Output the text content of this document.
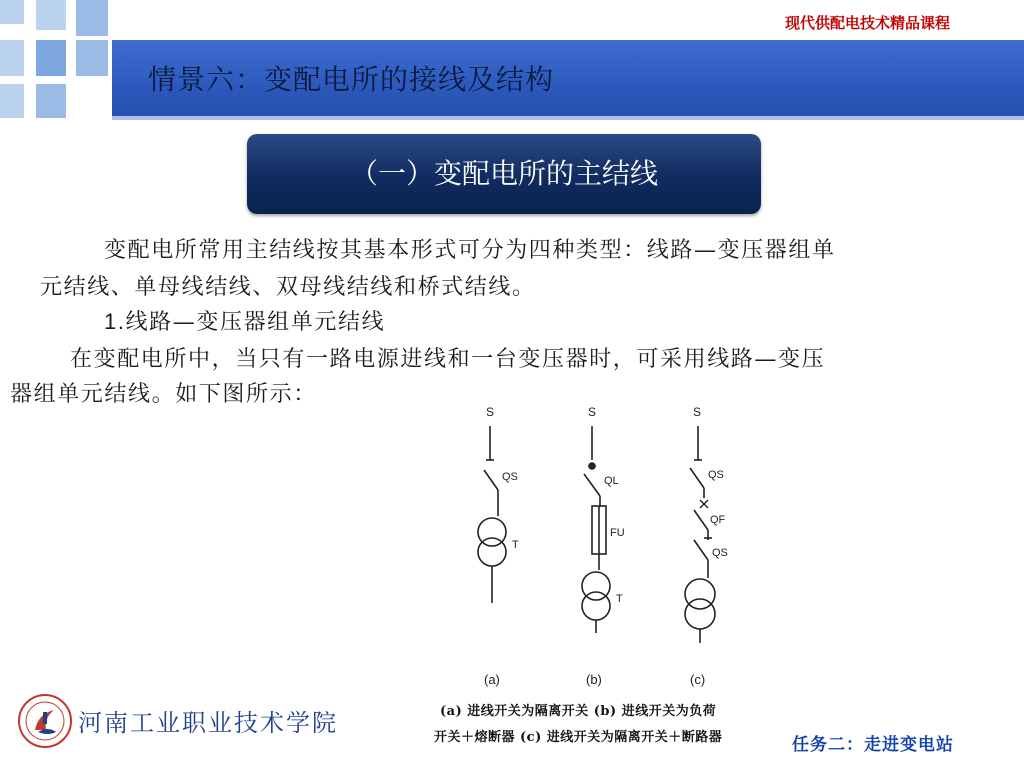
现代供配电技术精品课程
情景六：变配电所的接线及结构
（一）变配电所的主结线
变配电所常用主结线按其基本形式可分为四种类型：线路—变压器组单
元结线、单母线结线、双母线结线和桥式结线。
1.线路—变压器组单元结线
在变配电所中，当只有一路电源进线和一台变压器时，可采用线路—变压
器组单元结线。如下图所示：
S
QS
T
S
QL
FU
T
S
QS
QF
QS
(a)	(b)	(c)
(a) 进线开关为隔离开关 (b) 进线开关为负荷
开关＋熔断器 (c) 进线开关为隔离开关＋断路器
河南工业职业技术学院
任务二：走进变电站
